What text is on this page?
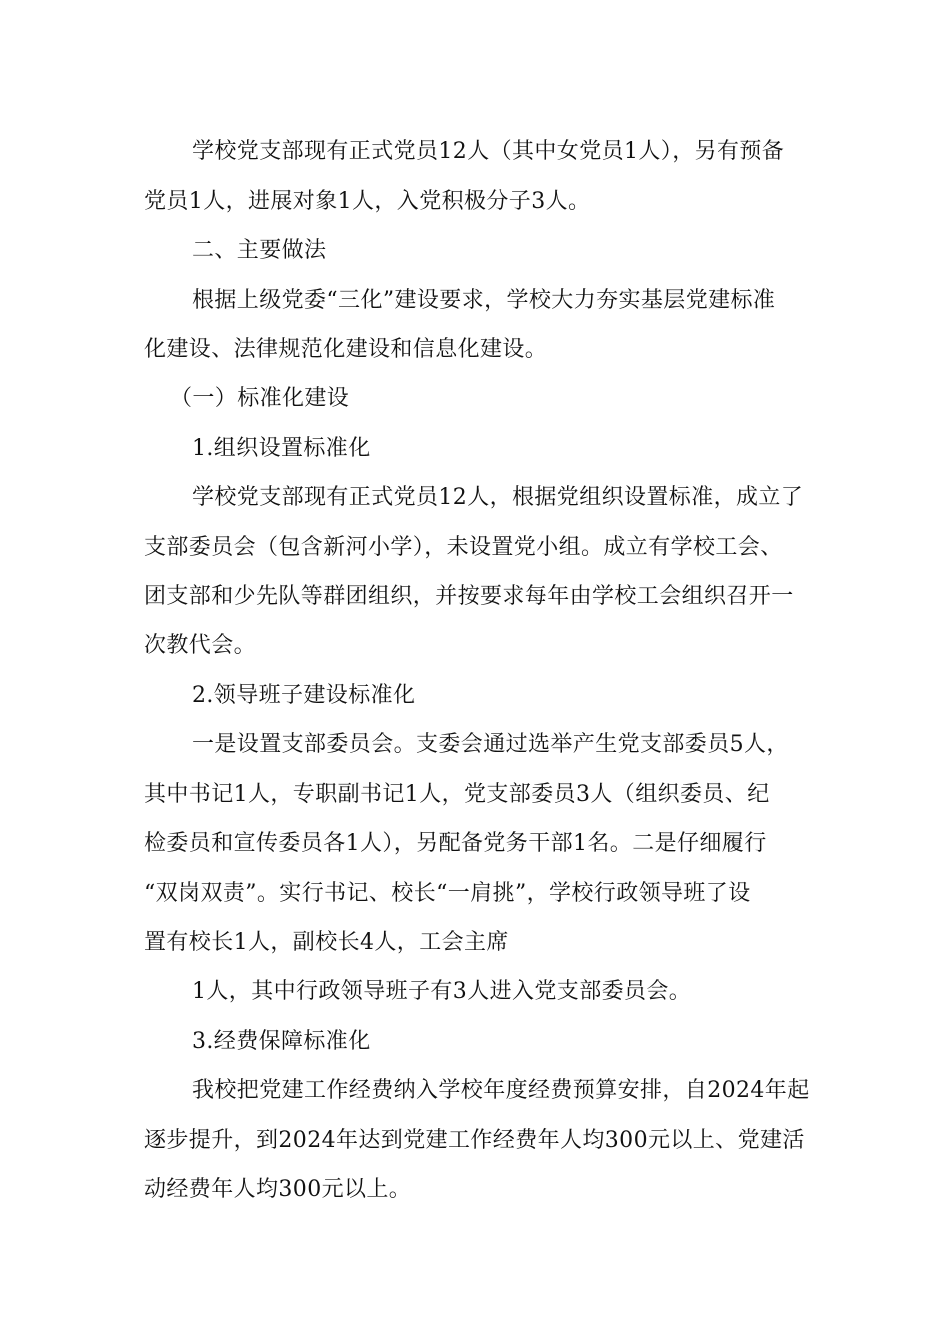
学校党支部现有正式党员12人（其中女党员1人），另有预备
党员1人，进展对象1人，入党积极分子3人。
二、主要做法
根据上级党委“三化”建设要求，学校大力夯实基层党建标准
化建设、法律规范化建设和信息化建设。
（一）标准化建设
1.组织设置标准化
学校党支部现有正式党员12人，根据党组织设置标准，成立了
支部委员会（包含新河小学），未设置党小组。成立有学校工会、
团支部和少先队等群团组织，并按要求每年由学校工会组织召开一
次教代会。
2.领导班子建设标准化
一是设置支部委员会。支委会通过选举产生党支部委员5人，
其中书记1人，专职副书记1人，党支部委员3人（组织委员、纪
检委员和宣传委员各1人），另配备党务干部1名。二是仔细履行
“双岗双责”。实行书记、校长“一肩挑”，学校行政领导班了设
置有校长1人，副校长4人，工会主席
1人，其中行政领导班子有3人进入党支部委员会。
3.经费保障标准化
我校把党建工作经费纳入学校年度经费预算安排，自2024年起
逐步提升，到2024年达到党建工作经费年人均300元以上、党建活
动经费年人均300元以上。
